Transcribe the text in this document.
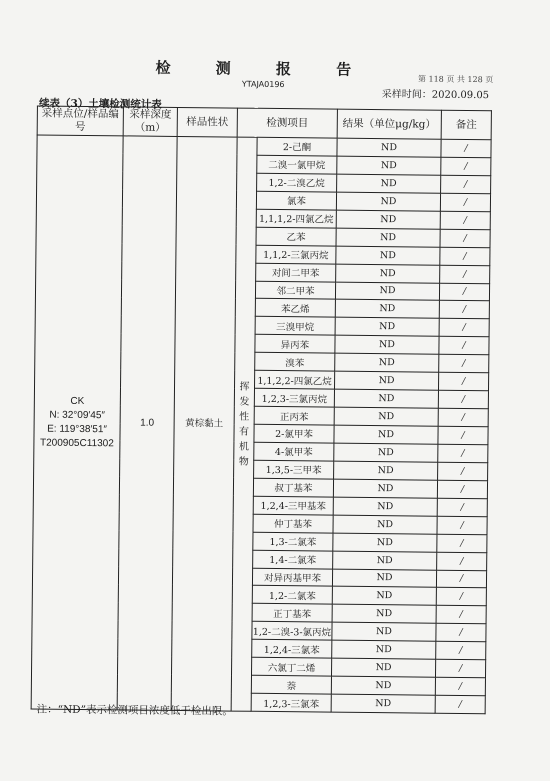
检 测 报 告
YTAJA0196
第 118 页 共 128 页
采样时间：2020.09.05
续表（3）土壤检测统计表
采样点位/样品编号	采样深度（m）	样品性状	检测项目		结果（单位μg/kg）	备注

CK
N: 32°09′45″
E: 119°38′51″
T200905C11302	1.0	黄棕黏土	挥发性有机物	2-己酮	ND	/
				二溴一氯甲烷	ND	/
				1,2-二溴乙烷	ND	/
				氯苯	ND	/
				1,1,1,2-四氯乙烷	ND	/
				乙苯	ND	/
				1,1,2-三氯丙烷	ND	/
				对间二甲苯	ND	/
				邻二甲苯	ND	/
				苯乙烯	ND	/
				三溴甲烷	ND	/
				异丙苯	ND	/
				溴苯	ND	/
				1,1,2,2-四氯乙烷	ND	/
				1,2,3-三氯丙烷	ND	/
				正丙苯	ND	/
				2-氯甲苯	ND	/
				4-氯甲苯	ND	/
				1,3,5-三甲苯	ND	/
				叔丁基苯	ND	/
				1,2,4-三甲基苯	ND	/
				仲丁基苯	ND	/
				1,3-二氯苯	ND	/
				1,4-二氯苯	ND	/
				对异丙基甲苯	ND	/
				1,2-二氯苯	ND	/
				正丁基苯	ND	/
				1,2-二溴-3-氯丙烷	ND	/
				1,2,4-三氯苯	ND	/
				六氯丁二烯	ND	/
				萘	ND	/
				1,2,3-三氯苯	ND	/
注：“ND”表示检测项目浓度低于检出限。
